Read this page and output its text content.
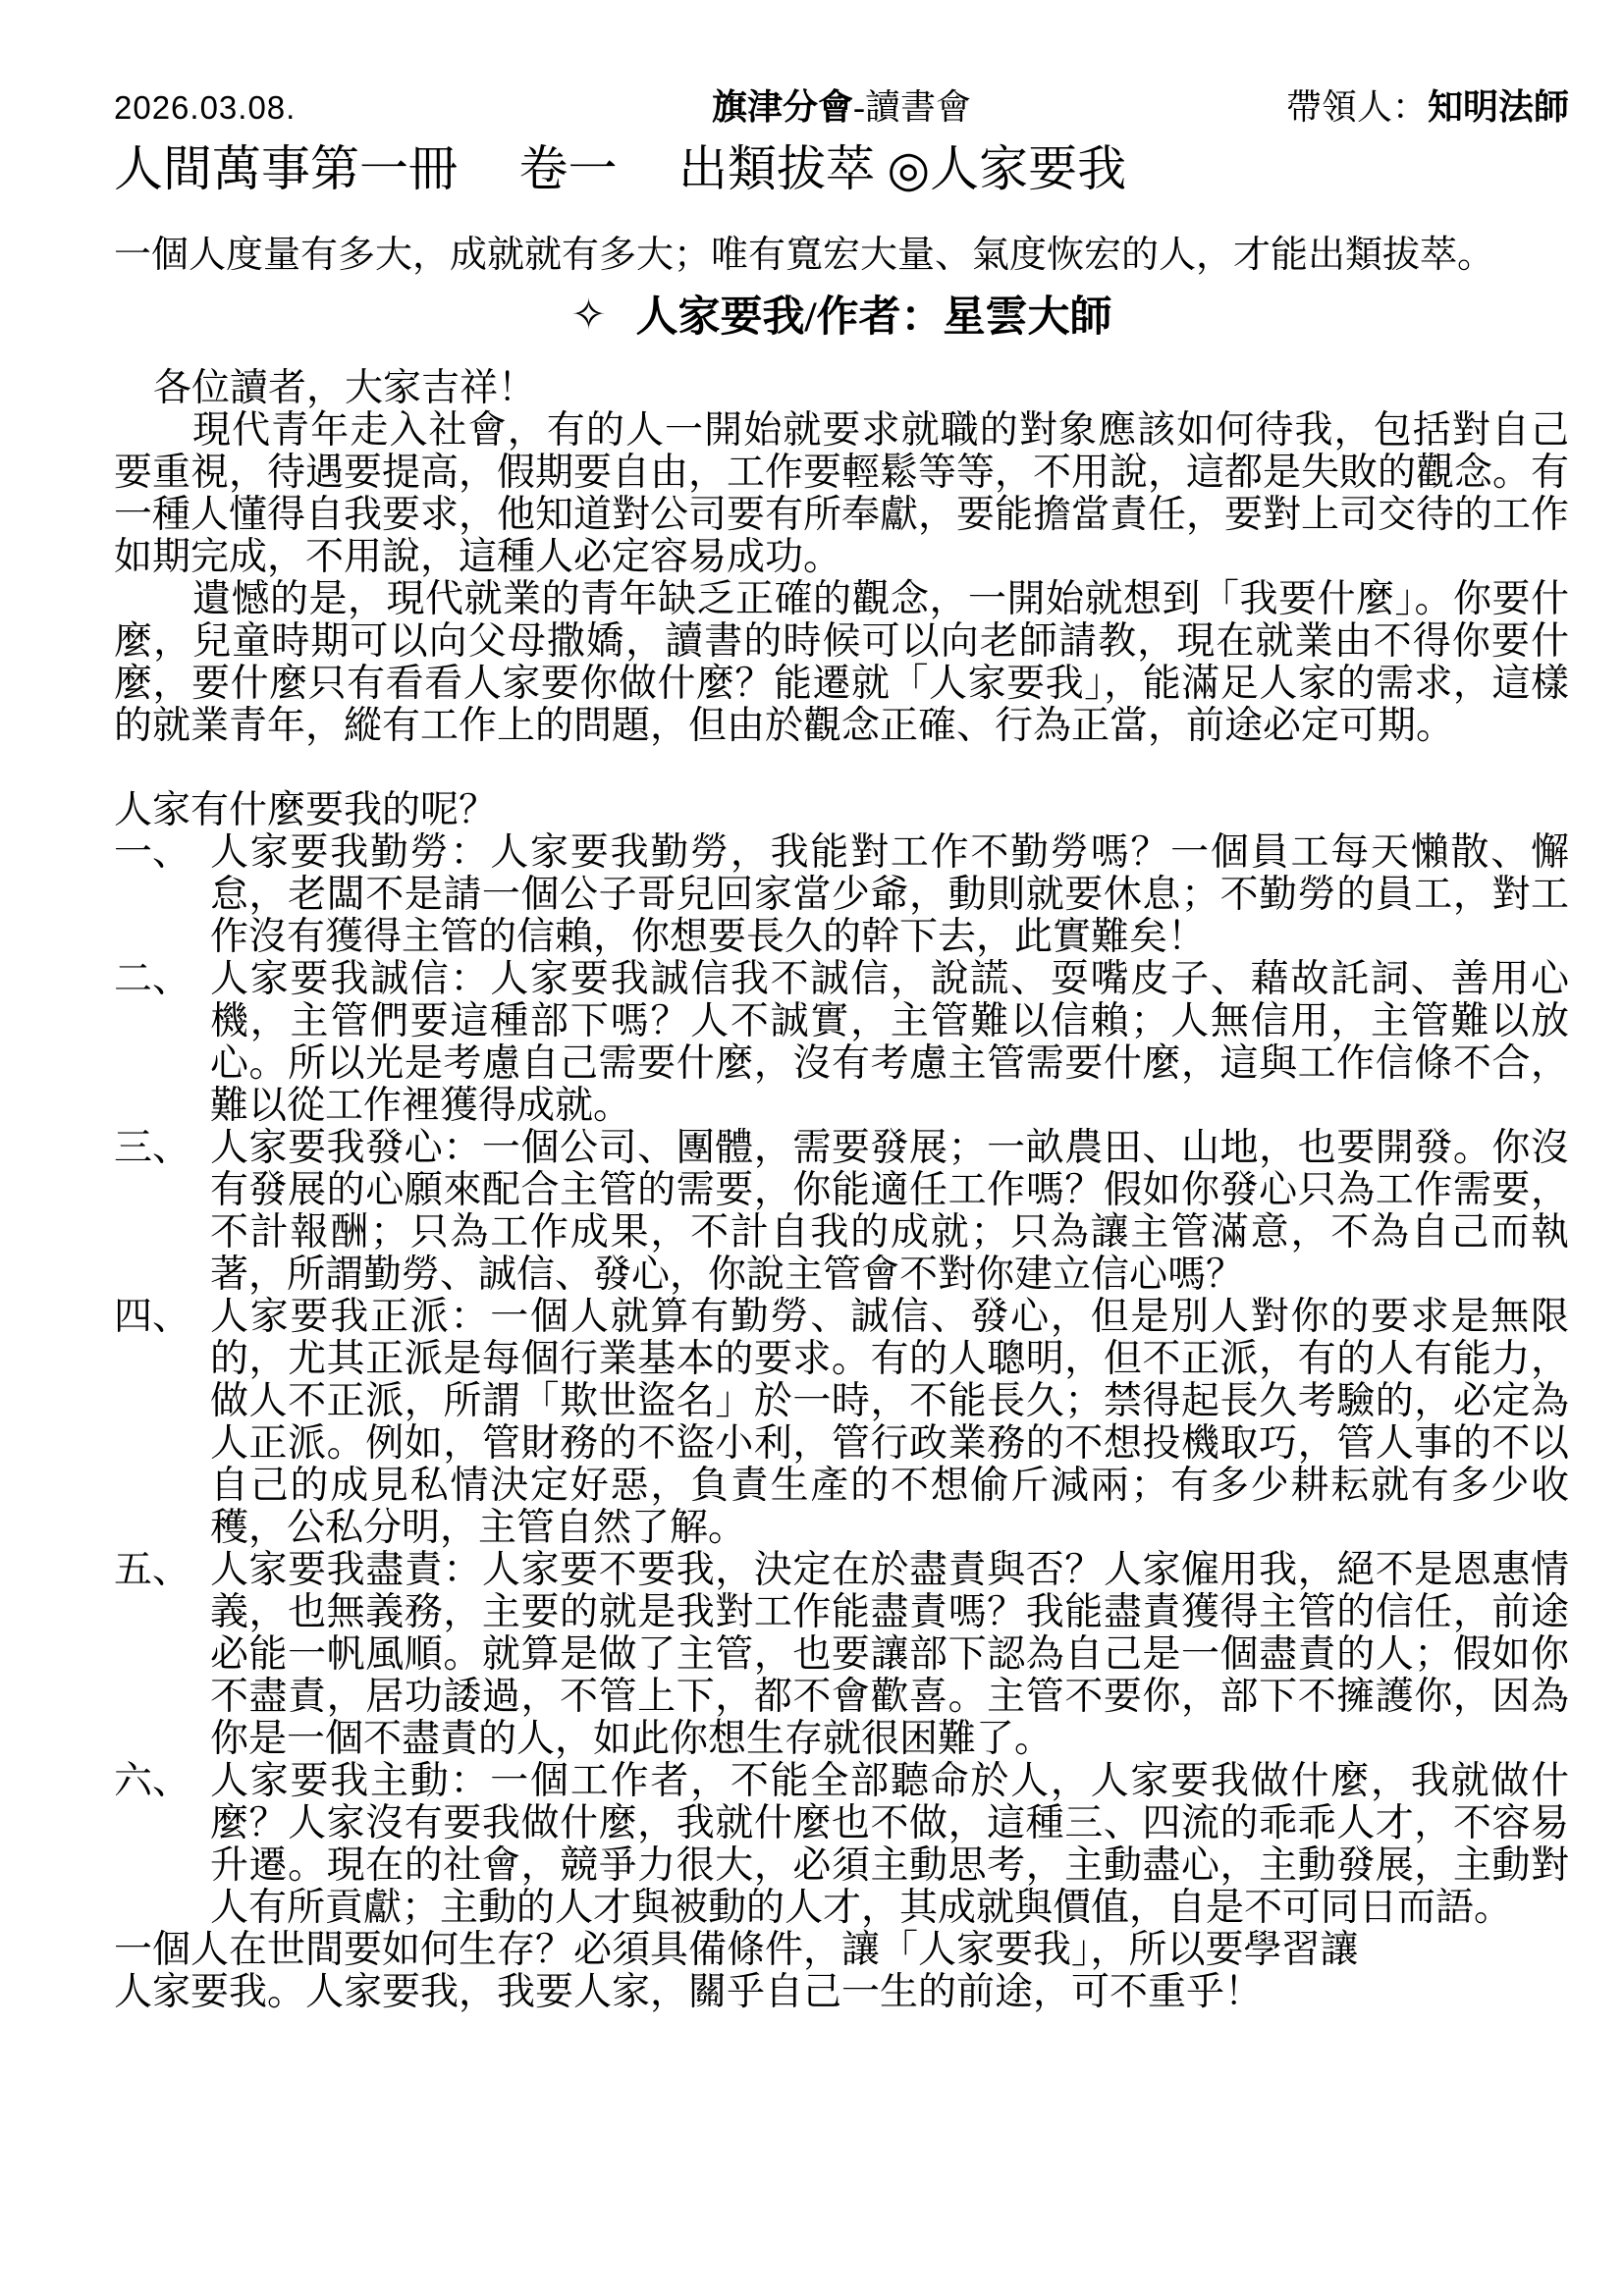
2026.03.08.	旗津分會-讀書會	帶領人：知明法師
人間萬事第一冊　 卷一　 出類拔萃 ◎人家要我
一個人度量有多大，成就就有多大；唯有寬宏大量、氣度恢宏的人，才能出類拔萃。
✧ 人家要我/作者：星雲大師

各位讀者，大家吉祥！

現代青年走入社會，有的人一開始就要求就職的對象應該如何待我，包括對自己要重視，待遇要提高，假期要自由，工作要輕鬆等等，不用說，這都是失敗的觀念。有一種人懂得自我要求，他知道對公司要有所奉獻，要能擔當責任，要對上司交待的工作如期完成，不用說，這種人必定容易成功。

遺憾的是，現代就業的青年缺乏正確的觀念，一開始就想到「我要什麼」。你要什麼，兒童時期可以向父母撒嬌，讀書的時候可以向老師請教，現在就業由不得你要什麼，要什麼只有看看人家要你做什麼？能遷就「人家要我」，能滿足人家的需求，這樣的就業青年，縱有工作上的問題，但由於觀念正確、行為正當，前途必定可期。

人家有什麼要我的呢？

一、 人家要我勤勞：人家要我勤勞，我能對工作不勤勞嗎？一個員工每天懶散、懈怠，老闆不是請一個公子哥兒回家當少爺，動則就要休息；不勤勞的員工，對工作沒有獲得主管的信賴，你想要長久的幹下去，此實難矣！
二、 人家要我誠信：人家要我誠信我不誠信，說謊、耍嘴皮子、藉故託詞、善用心機，主管們要這種部下嗎？人不誠實，主管難以信賴；人無信用，主管難以放心。所以光是考慮自己需要什麼，沒有考慮主管需要什麼，這與工作信條不合，難以從工作裡獲得成就。
三、 人家要我發心：一個公司、團體，需要發展；一畝農田、山地，也要開發。你沒有發展的心願來配合主管的需要，你能適任工作嗎？假如你發心只為工作需要，不計報酬；只為工作成果，不計自我的成就；只為讓主管滿意，不為自己而執著，所謂勤勞、誠信、發心，你說主管會不對你建立信心嗎？
四、 人家要我正派：一個人就算有勤勞、誠信、發心，但是別人對你的要求是無限的，尤其正派是每個行業基本的要求。有的人聰明，但不正派，有的人有能力，做人不正派，所謂「欺世盜名」於一時，不能長久；禁得起長久考驗的，必定為人正派。例如，管財務的不盜小利，管行政業務的不想投機取巧，管人事的不以自己的成見私情決定好惡，負責生產的不想偷斤減兩；有多少耕耘就有多少收穫，公私分明，主管自然了解。
五、 人家要我盡責：人家要不要我，決定在於盡責與否？人家僱用我，絕不是恩惠情義，也無義務，主要的就是我對工作能盡責嗎？我能盡責獲得主管的信任，前途必能一帆風順。就算是做了主管，也要讓部下認為自己是一個盡責的人；假如你不盡責，居功諉過，不管上下，都不會歡喜。主管不要你，部下不擁護你，因為你是一個不盡責的人，如此你想生存就很困難了。
六、 人家要我主動：一個工作者，不能全部聽命於人，人家要我做什麼，我就做什麼？人家沒有要我做什麼，我就什麼也不做，這種三、四流的乖乖人才，不容易升遷。現在的社會，競爭力很大，必須主動思考，主動盡心，主動發展，主動對人有所貢獻；主動的人才與被動的人才，其成就與價值，自是不可同日而語。

一個人在世間要如何生存？必須具備條件，讓「人家要我」，所以要學習讓

人家要我。人家要我，我要人家，關乎自己一生的前途，可不重乎！
